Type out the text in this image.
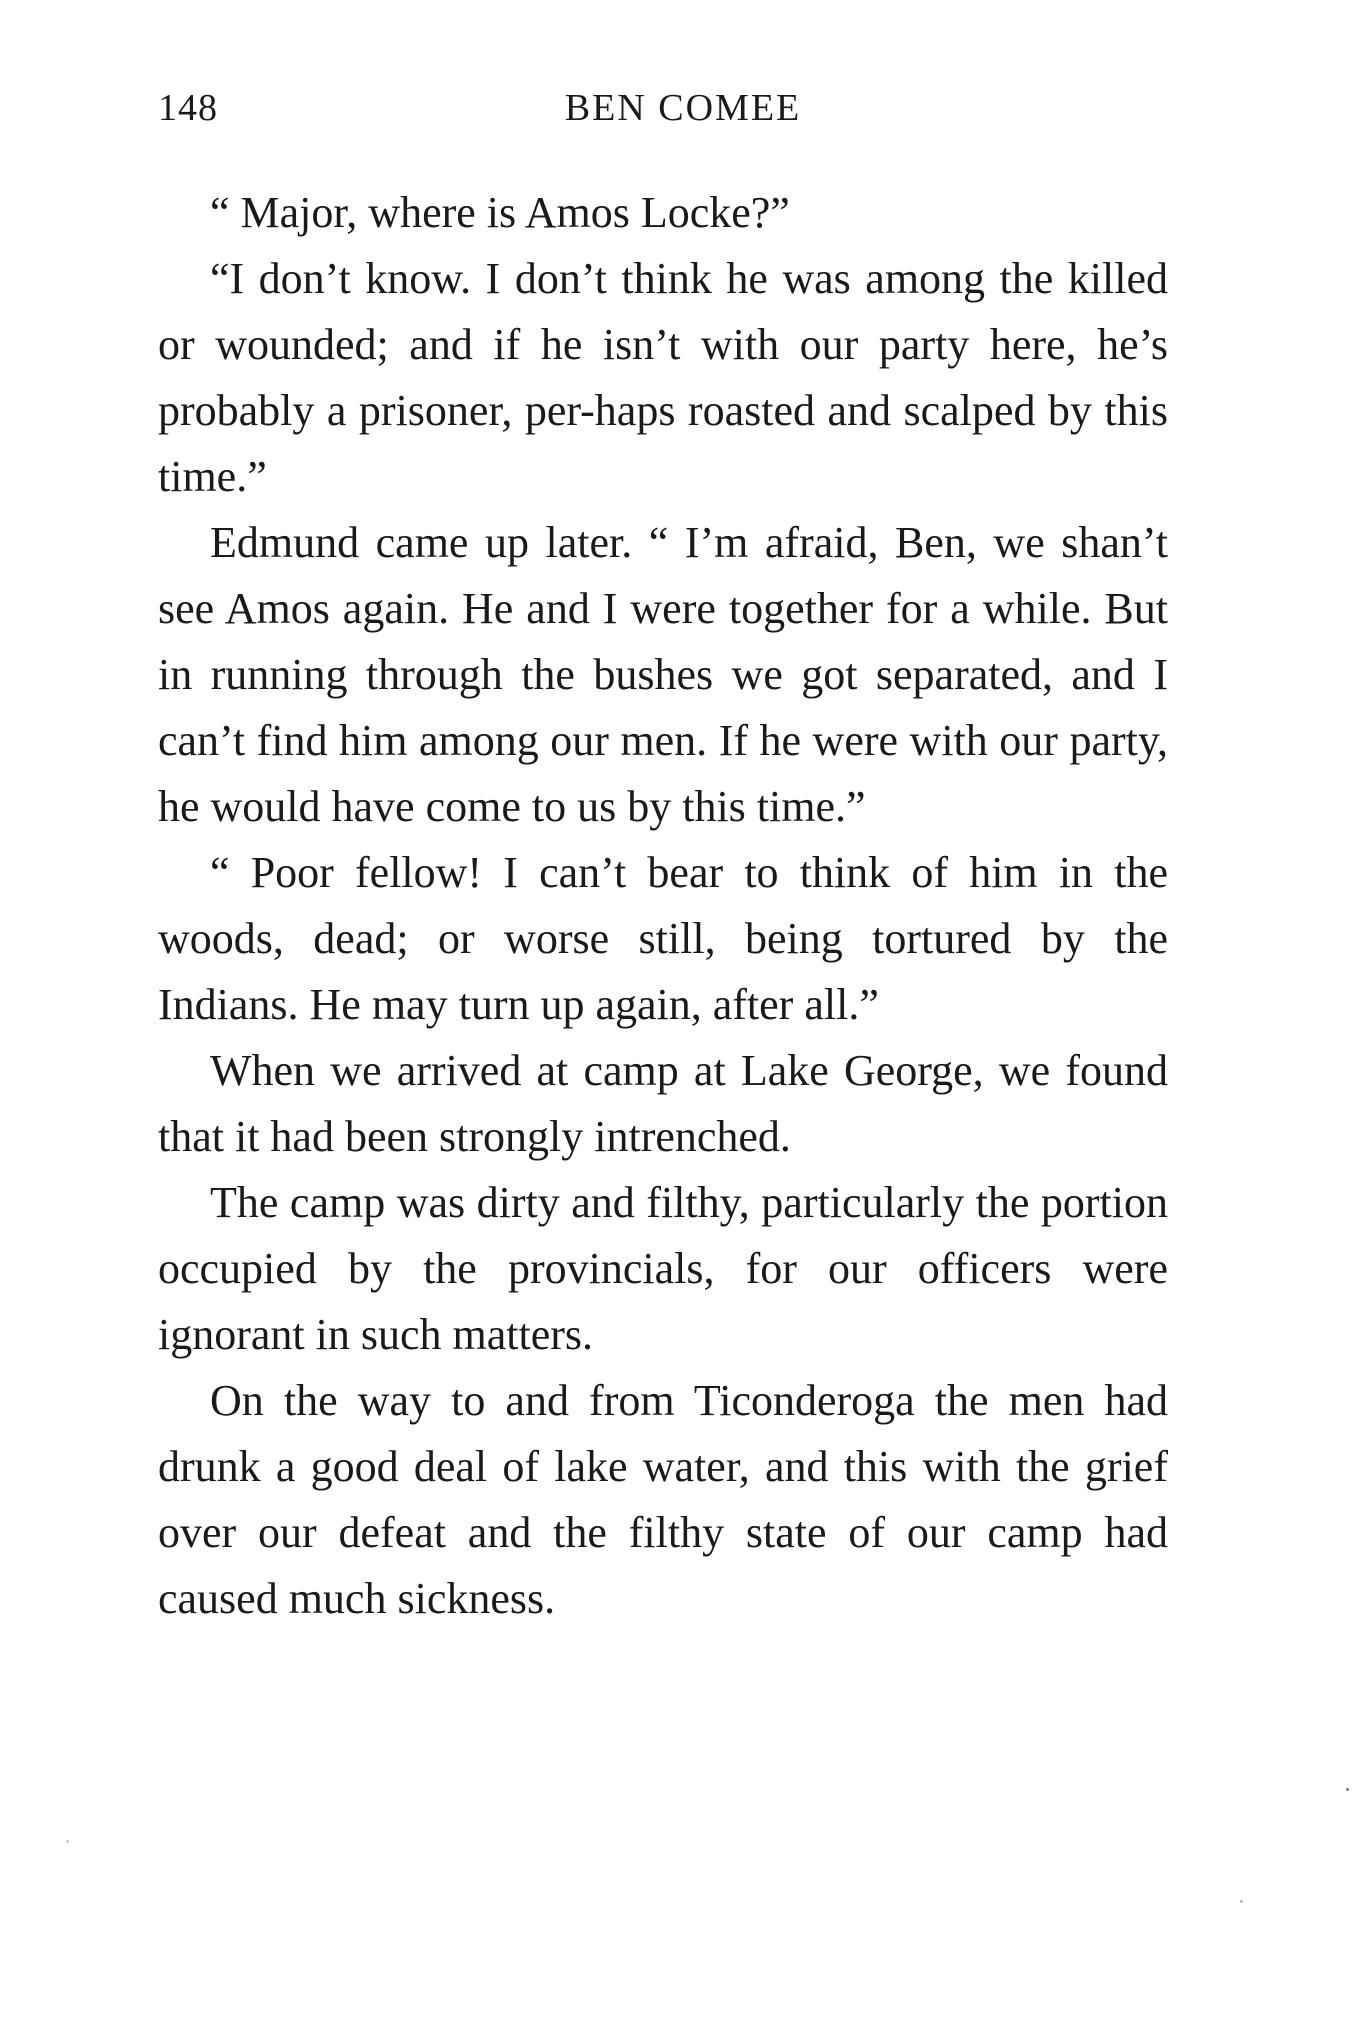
148	BEN COMEE

“ Major, where is Amos Locke?”

“I don’t know. I don’t think he was among the killed or wounded; and if he isn’t with our party here, he’s probably a prisoner, per-haps roasted and scalped by this time.”

Edmund came up later. “ I’m afraid, Ben, we shan’t see Amos again. He and I were together for a while. But in running through the bushes we got separated, and I can’t find him among our men. If he were with our party, he would have come to us by this time.”

“ Poor fellow! I can’t bear to think of him in the woods, dead; or worse still, being tortured by the Indians. He may turn up again, after all.”

When we arrived at camp at Lake George, we found that it had been strongly intrenched.

The camp was dirty and filthy, particularly the portion occupied by the provincials, for our officers were ignorant in such matters.

On the way to and from Ticonderoga the men had drunk a good deal of lake water, and this with the grief over our defeat and the filthy state of our camp had caused much sickness.
